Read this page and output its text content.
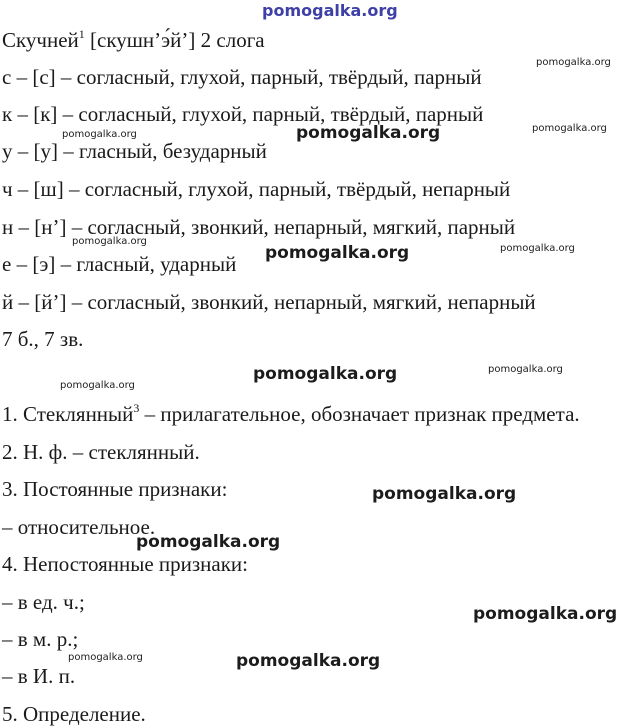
pomogalka.org
Скучней$^1$ [скушн’э́й’] 2 слога
с – [с] – согласный, глухой, парный, твёрдый, парный
к – [к] – согласный, глухой, парный, твёрдый, парный
у – [у] – гласный, безударный
ч – [ш] – согласный, глухой, парный, твёрдый, непарный
н – [н’] – согласный, звонкий, непарный, мягкий, парный
е – [э] – гласный, ударный
й – [й’] – согласный, звонкий, непарный, мягкий, непарный
7 б., 7 зв.
1. Стеклянный$^3$ – прилагательное, обозначает признак предмета.
2. Н. ф. – стеклянный.
3. Постоянные признаки:
– относительное.
4. Непостоянные признаки:
– в ед. ч.;
– в м. р.;
– в И. п.
5. Определение.
pomogalka.org
pomogalka.org	pomogalka.org	pomogalka.org
pomogalka.org
pomogalka.org	pomogalka.org
pomogalka.org
pomogalka.org	pomogalka.org
pomogalka.org
pomogalka.org
pomogalka.org
pomogalka.org	pomogalka.org
